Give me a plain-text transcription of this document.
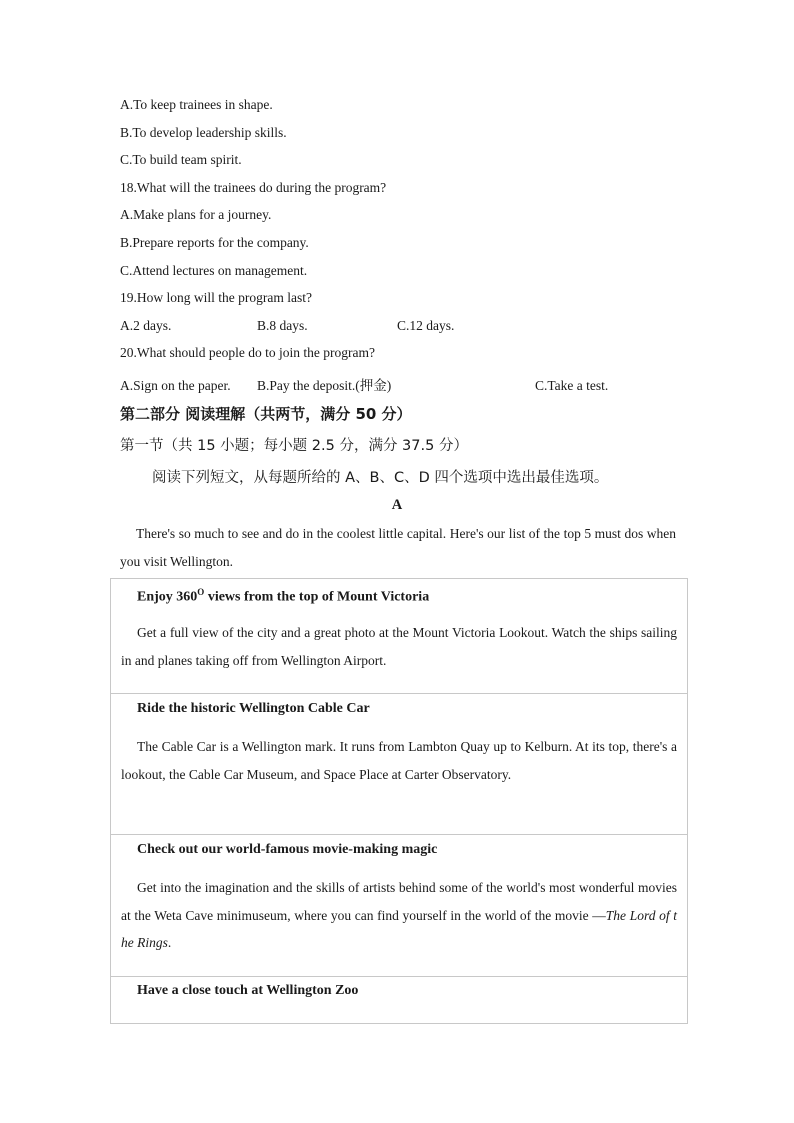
A.To keep trainees in shape.
B.To develop leadership skills.
C.To build team spirit.
18.What will the trainees do during the program?
A.Make plans for a journey.
B.Prepare reports for the company.
C.Attend lectures on management.
19.How long will the program last?
A.2 days.	B.8 days.	C.12 days.
20.What should people do to join the program?
A.Sign on the paper. B.Pay the deposit.(押金)	C.Take a test.
第二部分 阅读理解（共两节，满分 50 分）
第一节（共 15 小题；每小题 2.5 分，满分 37.5 分）
阅读下列短文，从每题所给的 A、B、C、D 四个选项中选出最佳选项。
A
There's so much to see and do in the coolest little capital. Here's our list of the top 5 must dos when you visit Wellington.
Enjoy $360^O$ views from the top of Mount Victoria
Get a full view of the city and a great photo at the Mount Victoria Lookout. Watch the ships sailing in and planes taking off from Wellington Airport.
Ride the historic Wellington Cable Car
The Cable Car is a Wellington mark. It runs from Lambton Quay up to Kelburn. At its top, there's a lookout, the Cable Car Museum, and Space Place at Carter Observatory.
Check out our world-famous movie-making magic
Get into the imagination and the skills of artists behind some of the world's most wonderful movies at the Weta Cave minimuseum, where you can find yourself in the world of the movie —The Lord of the Rings.
Have a close touch at Wellington Zoo
